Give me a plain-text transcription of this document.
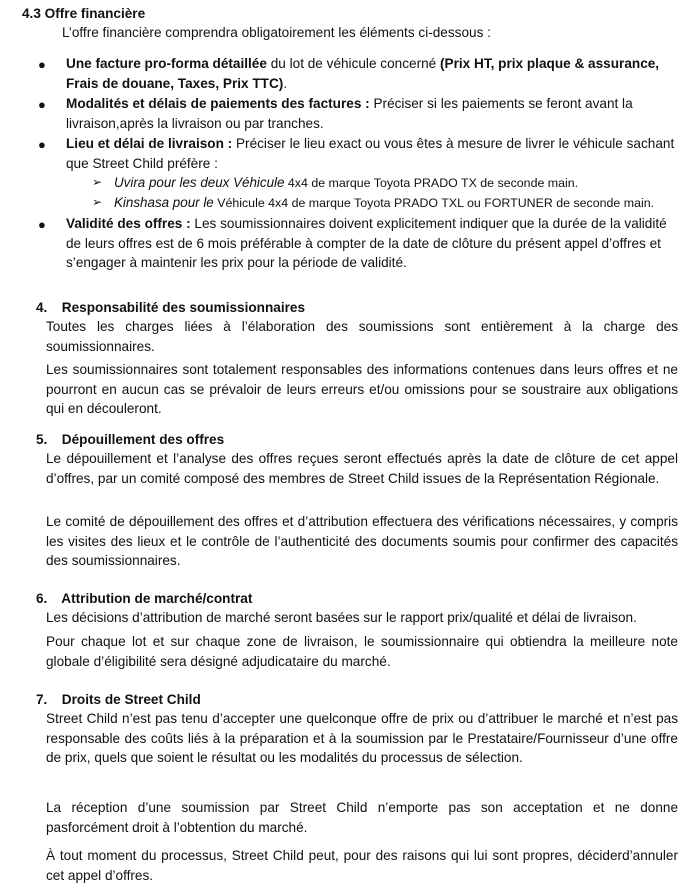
4.3 Offre financière
L’offre financière comprendra obligatoirement les éléments ci-dessous :
● Une facture pro-forma détaillée du lot de véhicule concerné (Prix HT, prix plaque & assurance, Frais de douane, Taxes, Prix TTC).
● Modalités et délais de paiements des factures : Préciser si les paiements se feront avant la livraison,après la livraison ou par tranches.
● Lieu et délai de livraison : Préciser le lieu exact ou vous êtes à mesure de livrer le véhicule sachant que Street Child préfère :
➢ Uvira pour les deux Véhicule 4x4 de marque Toyota PRADO TX de seconde main.
➢ Kinshasa pour le Véhicule 4x4 de marque Toyota PRADO TXL ou FORTUNER de seconde main.
● Validité des offres : Les soumissionnaires doivent explicitement indiquer que la durée de la validité de leurs offres est de 6 mois préférable à compter de la date de clôture du présent appel d’offres et s’engager à maintenir les prix pour la période de validité.
4. Responsabilité des soumissionnaires

Toutes les charges liées à l’élaboration des soumissions sont entièrement à la charge des soumissionnaires.

Les soumissionnaires sont totalement responsables des informations contenues dans leurs offres et ne pourront en aucun cas se prévaloir de leurs erreurs et/ou omissions pour se soustraire aux obligations qui en découleront.

5. Dépouillement des offres

Le dépouillement et l’analyse des offres reçues seront effectués après la date de clôture de cet appel d’offres, par un comité composé des membres de Street Child issues de la Représentation Régionale.

Le comité de dépouillement des offres et d’attribution effectuera des vérifications nécessaires, y compris les visites des lieux et le contrôle de l’authenticité des documents soumis pour confirmer des capacités des soumissionnaires.

6. Attribution de marché/contrat

Les décisions d’attribution de marché seront basées sur le rapport prix/qualité et délai de livraison.

Pour chaque lot et sur chaque zone de livraison, le soumissionnaire qui obtiendra la meilleure note globale d’éligibilité sera désigné adjudicataire du marché.

7. Droits de Street Child

Street Child n’est pas tenu d’accepter une quelconque offre de prix ou d’attribuer le marché et n’est pas responsable des coûts liés à la préparation et à la soumission par le Prestataire/Fournisseur d’une offre de prix, quels que soient le résultat ou les modalités du processus de sélection.

La réception d’une soumission par Street Child n’emporte pas son acceptation et ne donne pasforcément droit à l’obtention du marché.

À tout moment du processus, Street Child peut, pour des raisons qui lui sont propres, déciderd’annuler cet appel d’offres.
